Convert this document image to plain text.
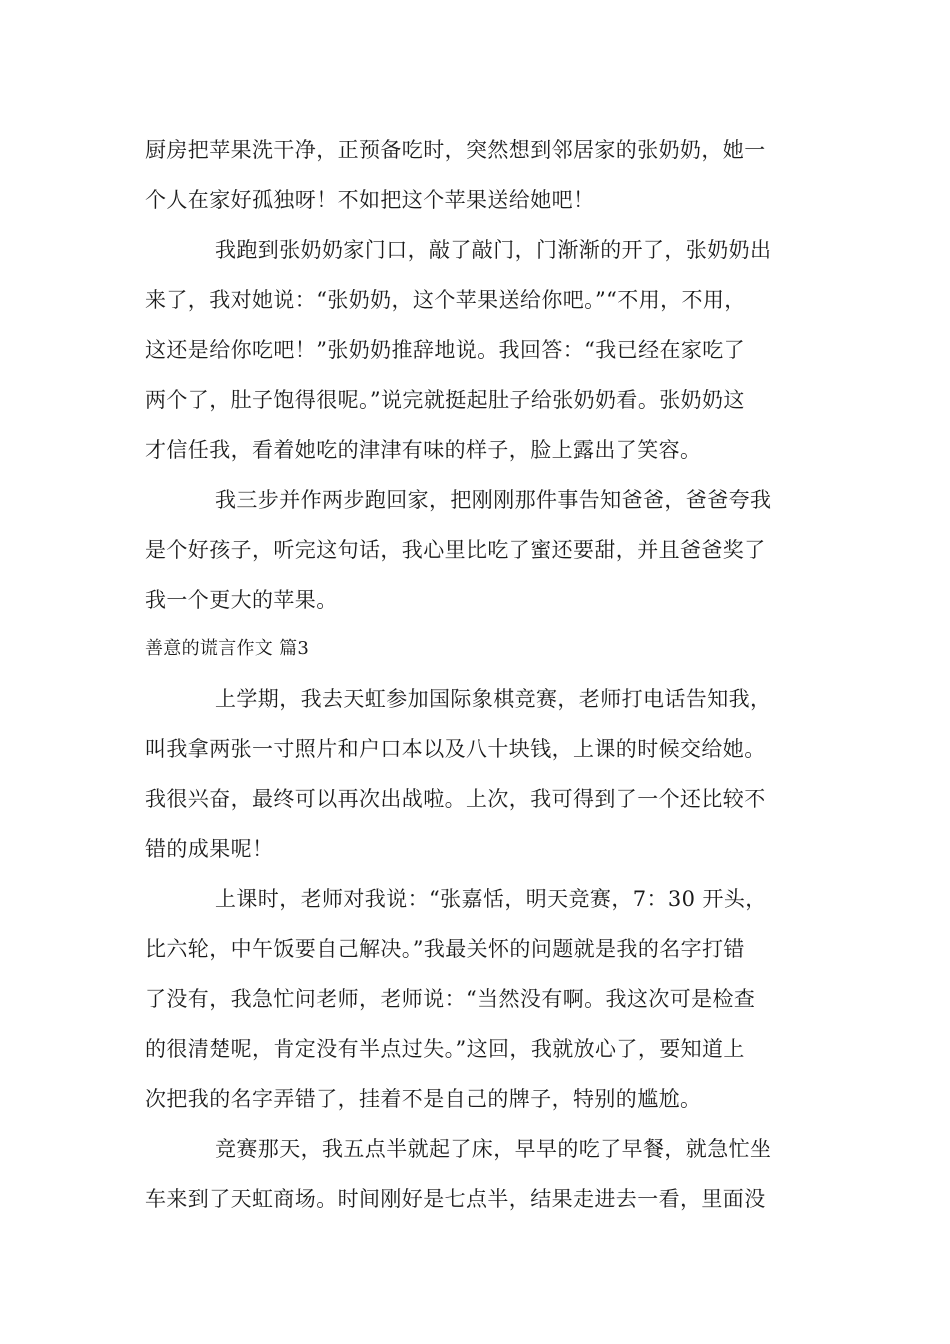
厨房把苹果洗干净，正预备吃时，突然想到邻居家的张奶奶，她一
个人在家好孤独呀！不如把这个苹果送给她吧！
我跑到张奶奶家门口，敲了敲门，门渐渐的开了，张奶奶出
来了，我对她说：“张奶奶，这个苹果送给你吧。”“不用，不用，
这还是给你吃吧！”张奶奶推辞地说。我回答：“我已经在家吃了
两个了，肚子饱得很呢。”说完就挺起肚子给张奶奶看。张奶奶这
才信任我，看着她吃的津津有味的样子，脸上露出了笑容。
我三步并作两步跑回家，把刚刚那件事告知爸爸，爸爸夸我
是个好孩子，听完这句话，我心里比吃了蜜还要甜，并且爸爸奖了
我一个更大的苹果。
善意的谎言作文 篇3
上学期，我去天虹参加国际象棋竞赛，老师打电话告知我，
叫我拿两张一寸照片和户口本以及八十块钱，上课的时候交给她。
我很兴奋，最终可以再次出战啦。上次，我可得到了一个还比较不
错的成果呢！
上课时，老师对我说：“张嘉恬，明天竞赛，7：30 开头，
比六轮，中午饭要自己解决。”我最关怀的问题就是我的名字打错
了没有，我急忙问老师，老师说：“当然没有啊。我这次可是检查
的很清楚呢，肯定没有半点过失。”这回，我就放心了，要知道上
次把我的名字弄错了，挂着不是自己的牌子，特别的尴尬。
竞赛那天，我五点半就起了床，早早的吃了早餐，就急忙坐
车来到了天虹商场。时间刚好是七点半，结果走进去一看，里面没
